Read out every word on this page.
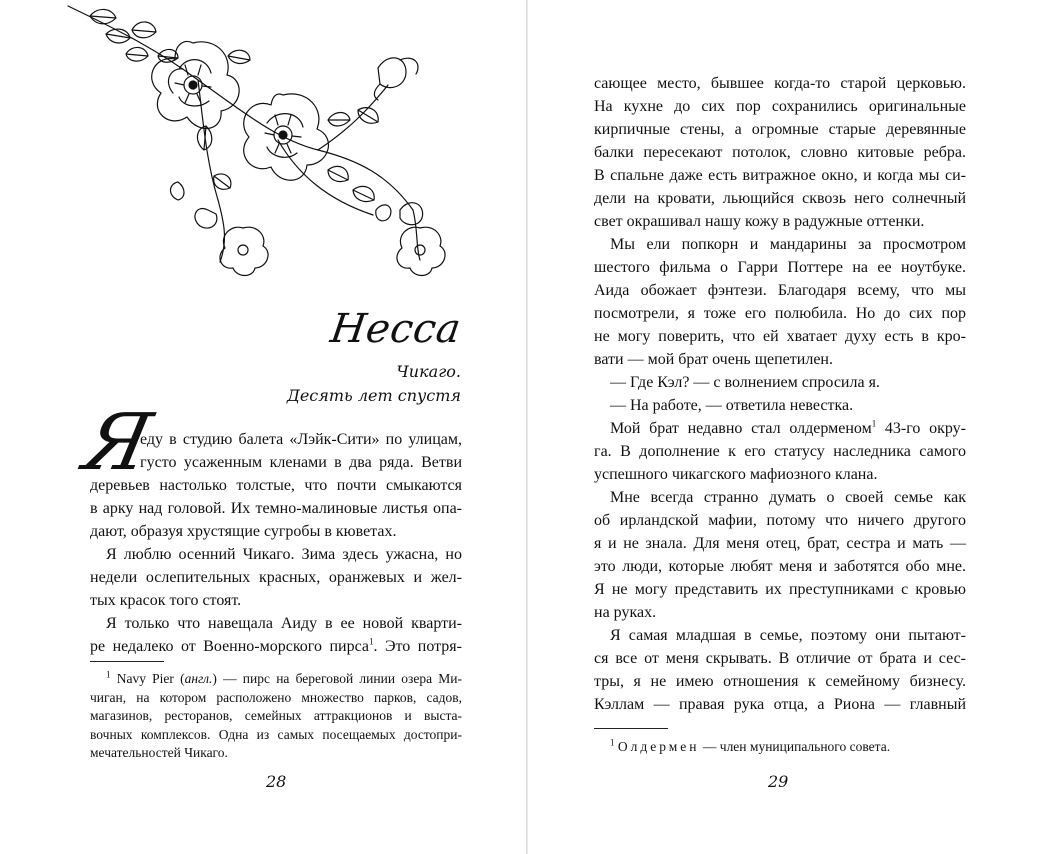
Несса

Чикаго.

Десять лет спустя

Я
еду в студию балета «Лэйк-Сити» по улицам,
густо усаженным кленами в два ряда. Ветви
деревьев настолько толстые, что почти смыкаются
в арку над головой. Их темно-малиновые листья опа-
дают, образуя хрустящие сугробы в кюветах.
Я люблю осенний Чикаго. Зима здесь ужасна, но
недели ослепительных красных, оранжевых и жел-
тых красок того стоят.
Я только что навещала Аиду в ее новой кварти-
ре недалеко от Военно-морского пирса$^1$. Это потря-
$^1$ Navy Pier (англ.) — пирс на береговой линии озера Ми-
чиган, на котором расположено множество парков, садов,
магазинов, ресторанов, семейных аттракционов и выста-
вочных комплексов. Одна из самых посещаемых достопри-
мечательностей Чикаго.
28
сающее место, бывшее когда-то старой церковью.
На кухне до сих пор сохранились оригинальные
кирпичные стены, а огромные старые деревянные
балки пересекают потолок, словно китовые ребра.
В спальне даже есть витражное окно, и когда мы си-
дели на кровати, льющийся сквозь него солнечный
свет окрашивал нашу кожу в радужные оттенки.
Мы ели попкорн и мандарины за просмотром
шестого фильма о Гарри Поттере на ее ноутбуке.
Аида обожает фэнтези. Благодаря всему, что мы
посмотрели, я тоже его полюбила. Но до сих пор
не могу поверить, что ей хватает духу есть в кро-
вати — мой брат очень щепетилен.
— Где Кэл? — с волнением спросила я.
— На работе, — ответила невестка.
Мой брат недавно стал олдерменом$^1$ 43-го окру-
га. В дополнение к его статусу наследника самого
успешного чикагского мафиозного клана.
Мне всегда странно думать о своей семье как
об ирландской мафии, потому что ничего другого
я и не знала. Для меня отец, брат, сестра и мать —
это люди, которые любят меня и заботятся обо мне.
Я не могу представить их преступниками с кровью
на руках.
Я самая младшая в семье, поэтому они пытают-
ся все от меня скрывать. В отличие от брата и сес-
тры, я не имею отношения к семейному бизнесу.
Кэллам — правая рука отца, а Риона — главный
$^1$ Олдермен — член муниципального совета.
29
